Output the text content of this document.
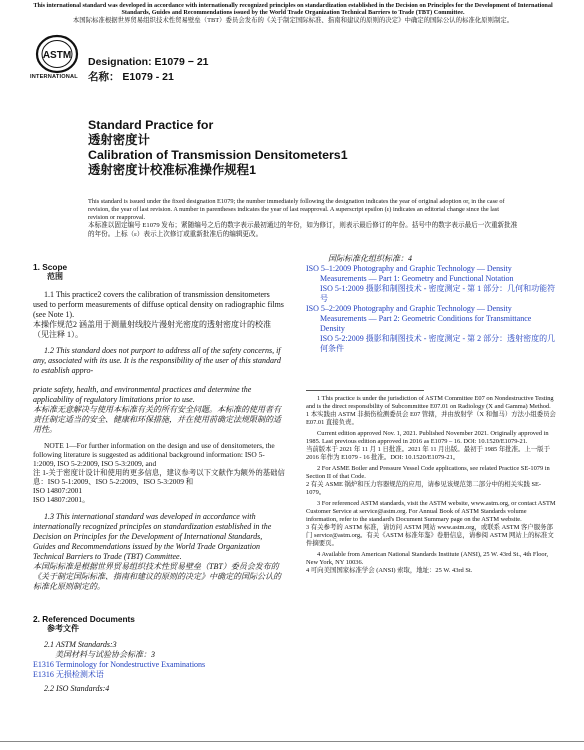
This international standard was developed in accordance with internationally recognized principles on standardization established in the Decision on Principles for the Development of International Standards, Guides and Recommendations issued by the World Trade Organization Technical Barriers to Trade (TBT) Committee.
本国际标准根据世界贸易组织技术性贸易壁垒（TBT）委员会发布的《关于制定国际标准、指南和建议的原则的决定》中确定的国际公认的标准化原则制定。
ASTM
INTERNATIONAL
Designation: E1079 − 21
名称： E1079 - 21
Standard Practice for
透射密度计
Calibration of Transmission Densitometers1
透射密度计校准标准操作规程1
This standard is issued under the fixed designation E1079; the number immediately following the designation indicates the year of original adoption or, in the case of revision, the year of last revision. A number in parentheses indicates the year of last reapproval. A superscript epsilon (ε) indicates an editorial change since the last revision or reapproval.
本标准以固定编号 E1079 发布；紧随编号之后的数字表示最初通过的年份，如为修订，则表示最后修订的年份。括号中的数字表示最后一次重新批准的年份。上标（ε）表示上次修订或重新批准后的编辑更改。
1. Scope
范围

1.1 This practice2 covers the calibration of transmission densitometers used to perform measurements of diffuse optical density on radiographic films (see Note 1).

本操作规范2 涵盖用于测量射线胶片漫射光密度的透射密度计的校准（见注释 1）。

1.2 This standard does not purport to address all of the safety concerns, if any, associated with its use. It is the responsibility of the user of this standard to establish appro-

priate safety, health, and environmental practices and determine the applicability of regulatory limitations prior to use.

本标准无意解决与使用本标准有关的所有安全问题。本标准的使用者有责任制定适当的安全、健康和环保措施，并在使用前确定法规限制的适用性。

NOTE 1—For further information on the design and use of densitometers, the following literature is suggested as additional background information: ISO 5-1:2009, ISO 5-2:2009, ISO 5-3:2009, and

注 1-关于密度计设计和使用的更多信息，建议参考以下文献作为额外的基础信息：ISO 5-1:2009、ISO 5-2:2009、ISO 5-3:2009 和

ISO 14807:2001

ISO 14807:2001。

1.3 This international standard was developed in accordance with internationally recognized principles on standardization established in the Decision on Principles for the Development of International Standards, Guides and Recommendations issued by the World Trade Organization Technical Barriers to Trade (TBT) Committee.

本国际标准是根据世界贸易组织技术性贸易壁垒（TBT）委员会发布的《关于制定国际标准、指南和建议的原则的决定》中确定的国际公认的标准化原则制定的。

2. Referenced Documents
参考文件

2.1 ASTM Standards:3

美国材料与试验协会标准：3

E1316 Terminology for Nondestructive Examinations

E1316 无损检测术语

2.2 ISO Standards:4

国际标准化组织标准：4

ISO 5–1:2009 Photography and Graphic Technology — Density Measurements — Part 1: Geometry and Functional Notation

ISO 5-1:2009 摄影和制图技术 - 密度测定 - 第 1 部分：几何和功能符号

ISO 5–2:2009 Photography and Graphic Technology — Density Measurements — Part 2: Geometric Conditions for Transmittance Density

ISO 5-2:2009 摄影和制图技术 - 密度测定 - 第 2 部分：透射密度的几何条件

1 This practice is under the jurisdiction of ASTM Committee E07 on Nondestructive Testing and is the direct responsibility of Subcommittee E07.01 on Radiology (X and Gamma) Method.

1 本实践由 ASTM 非损伤检测委员会 E07 管辖，并由放射学（X 和伽马）方法小组委员会 E07.01 直接负责。

Current edition approved Nov. 1, 2021. Published November 2021. Originally approved in 1985. Last previous edition approved in 2016 as E1079 – 16. DOI: 10.1520/E1079-21.

当前版本于 2021 年 11 月 1 日批准。2021 年 11 月出版。最初于 1985 年批准。上一版于 2016 年作为 E1079 - 16 批准。DOI: 10.1520/E1079-21。

2 For ASME Boiler and Pressure Vessel Code applications, see related Practice SE-1079 in Section II of that Code.

2 有关 ASME 锅炉和压力容器规范的应用，请参见该规范第二部分中的相关实践 SE-1079。

3 For referenced ASTM standards, visit the ASTM website, www.astm.org, or contact ASTM Customer Service at service@astm.org. For Annual Book of ASTM Standards volume information, refer to the standard's Document Summary page on the ASTM website.

3 有关参考的 ASTM 标准，请访问 ASTM 网站 www.astm.org，或联系 ASTM 客户服务部门 service@astm.org。有关《ASTM 标准年鉴》卷册信息，请参阅 ASTM 网站上的标准文件摘要页。

4 Available from American National Standards Institute (ANSI), 25 W. 43rd St., 4th Floor, New York, NY 10036.

4 可向美国国家标准学会 (ANSI) 索取，地址：25 W. 43rd St.
